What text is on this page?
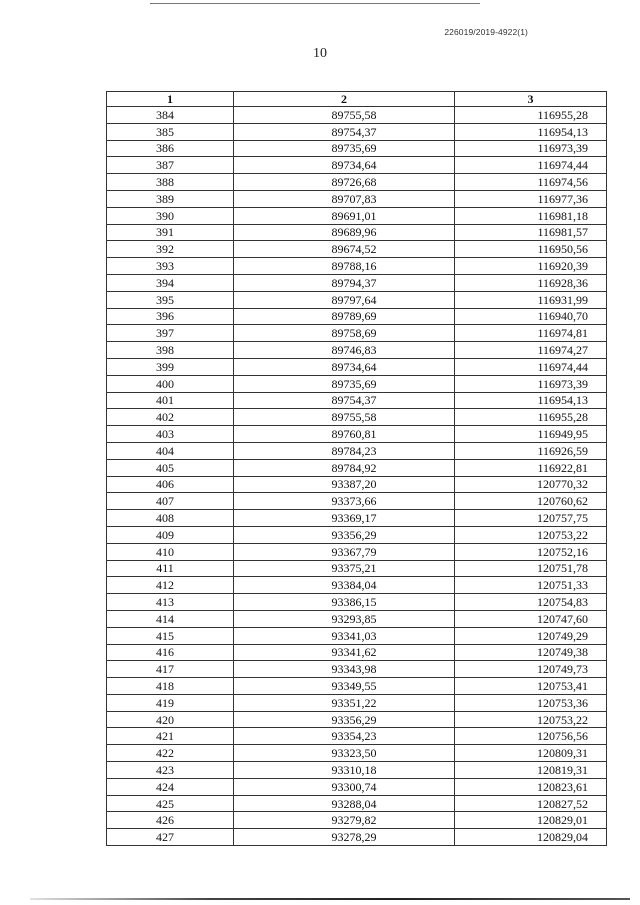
226019/2019-4922(1)
10
1	2	3
384	89755,58	116955,28
385	89754,37	116954,13
386	89735,69	116973,39
387	89734,64	116974,44
388	89726,68	116974,56
389	89707,83	116977,36
390	89691,01	116981,18
391	89689,96	116981,57
392	89674,52	116950,56
393	89788,16	116920,39
394	89794,37	116928,36
395	89797,64	116931,99
396	89789,69	116940,70
397	89758,69	116974,81
398	89746,83	116974,27
399	89734,64	116974,44
400	89735,69	116973,39
401	89754,37	116954,13
402	89755,58	116955,28
403	89760,81	116949,95
404	89784,23	116926,59
405	89784,92	116922,81
406	93387,20	120770,32
407	93373,66	120760,62
408	93369,17	120757,75
409	93356,29	120753,22
410	93367,79	120752,16
411	93375,21	120751,78
412	93384,04	120751,33
413	93386,15	120754,83
414	93293,85	120747,60
415	93341,03	120749,29
416	93341,62	120749,38
417	93343,98	120749,73
418	93349,55	120753,41
419	93351,22	120753,36
420	93356,29	120753,22
421	93354,23	120756,56
422	93323,50	120809,31
423	93310,18	120819,31
424	93300,74	120823,61
425	93288,04	120827,52
426	93279,82	120829,01
427	93278,29	120829,04
